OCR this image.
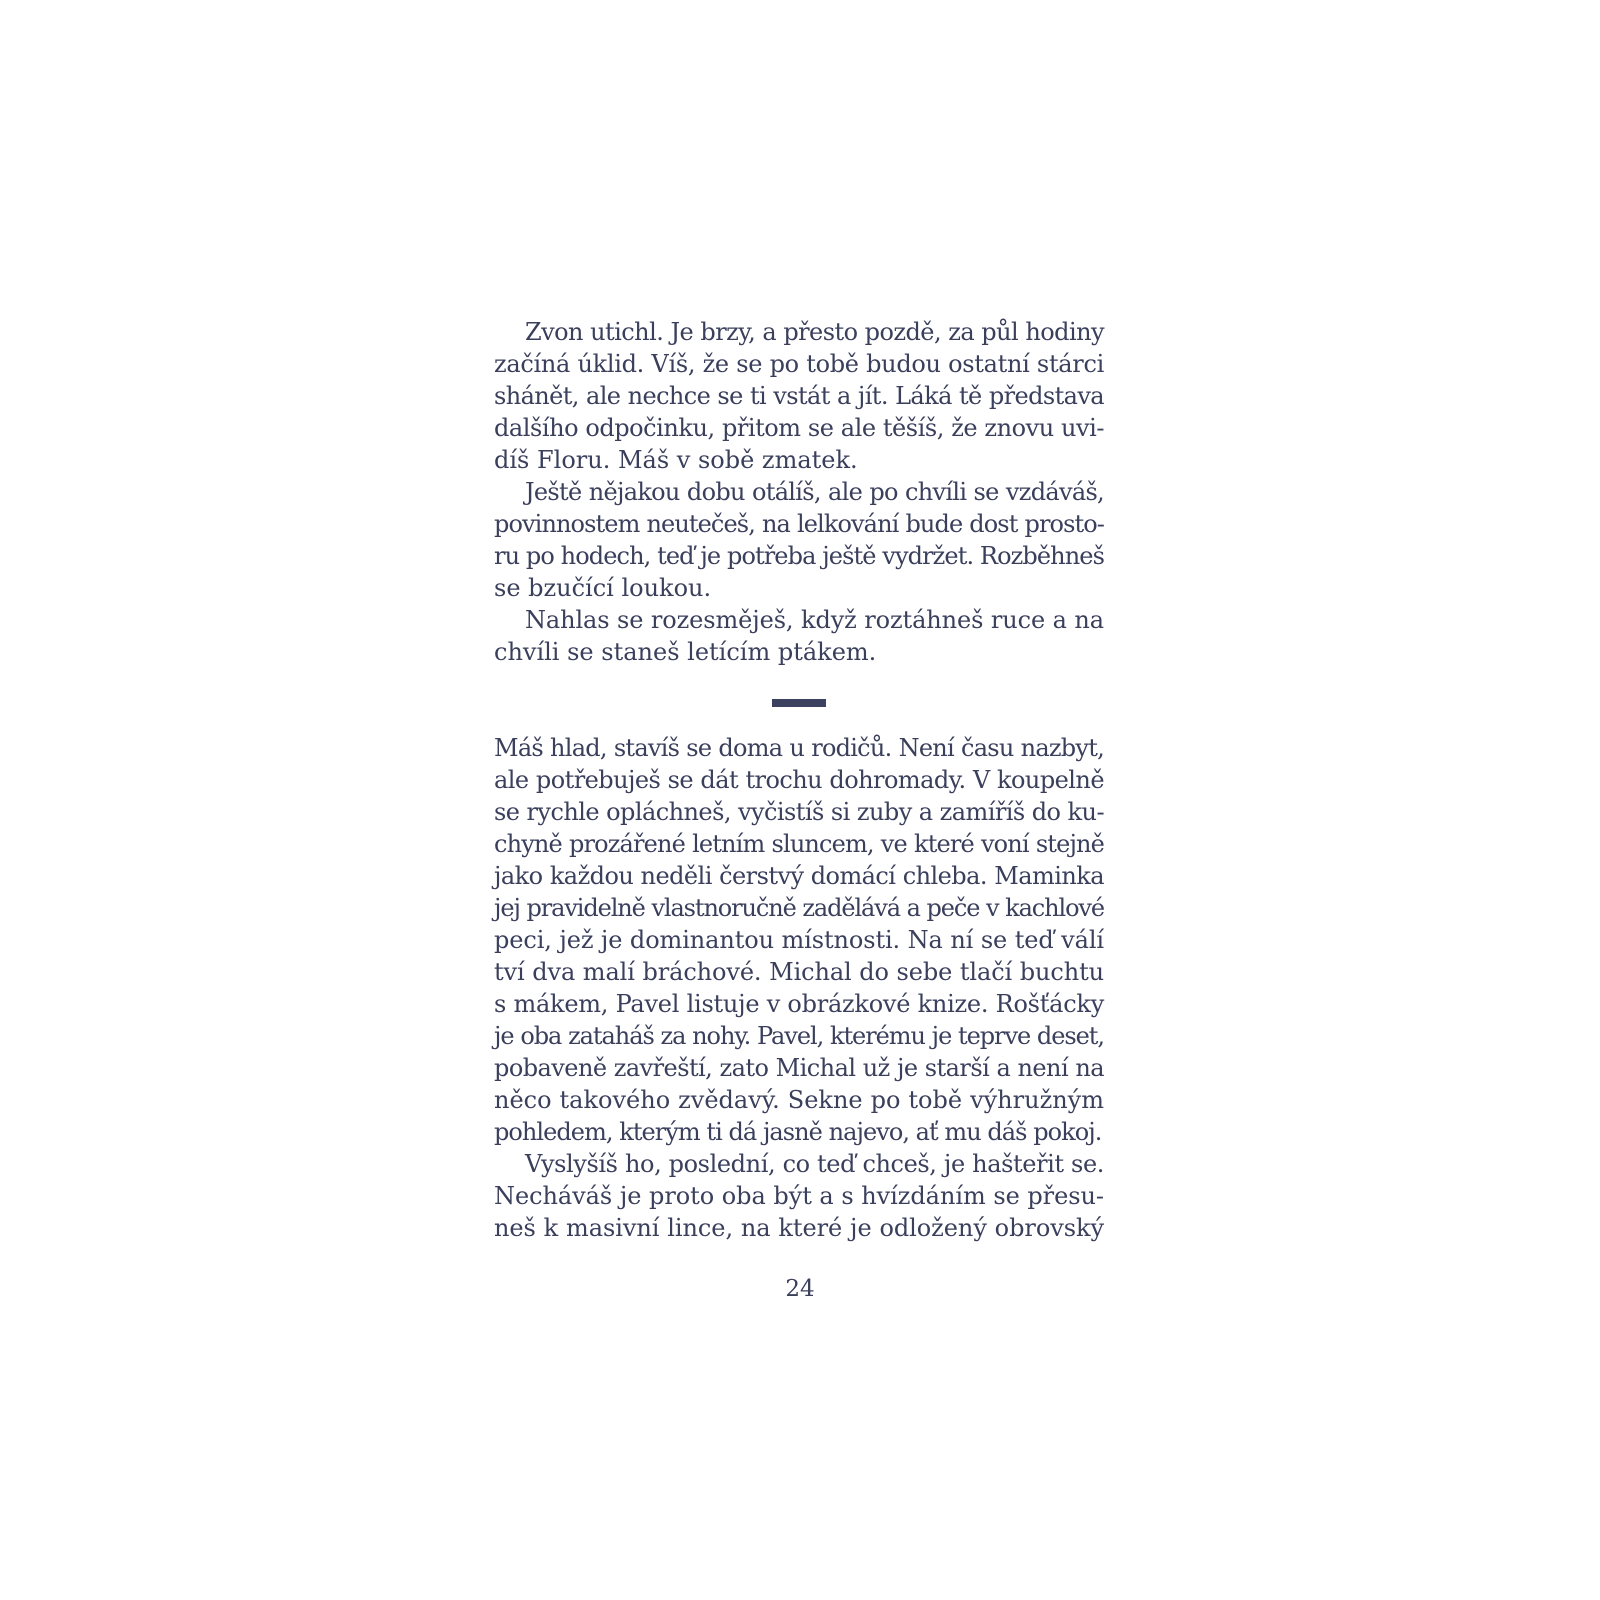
Zvon utichl. Je brzy, a přesto pozdě, za půl hodiny
začíná úklid. Víš, že se po tobě budou ostatní stárci
shánět, ale nechce se ti vstát a jít. Láká tě představa
dalšího odpočinku, přitom se ale těšíš, že znovu uvi-
díš Floru. Máš v sobě zmatek.
Ještě nějakou dobu otálíš, ale po chvíli se vzdáváš,
povinnostem neutečeš, na lelkování bude dost prosto-
ru po hodech, teď je potřeba ještě vydržet. Rozběhneš
se bzučící loukou.
Nahlas se rozesměješ, když roztáhneš ruce a na
chvíli se staneš letícím ptákem.
Máš hlad, stavíš se doma u rodičů. Není času nazbyt,
ale potřebuješ se dát trochu dohromady. V koupelně
se rychle opláchneš, vyčistíš si zuby a zamíříš do ku-
chyně prozářené letním sluncem, ve které voní stejně
jako každou neděli čerstvý domácí chleba. Maminka
jej pravidelně vlastnoručně zadělává a peče v kachlové
peci, jež je dominantou místnosti. Na ní se teď válí
tví dva malí bráchové. Michal do sebe tlačí buchtu
s mákem, Pavel listuje v obrázkové knize. Rošťácky
je oba zataháš za nohy. Pavel, kterému je teprve deset,
pobaveně zavřeští, zato Michal už je starší a není na
něco takového zvědavý. Sekne po tobě výhružným
pohledem, kterým ti dá jasně najevo, ať mu dáš pokoj.
Vyslyšíš ho, poslední, co teď chceš, je hašteřit se.
Necháváš je proto oba být a s hvízdáním se přesu-
neš k masivní lince, na které je odložený obrovský
24
